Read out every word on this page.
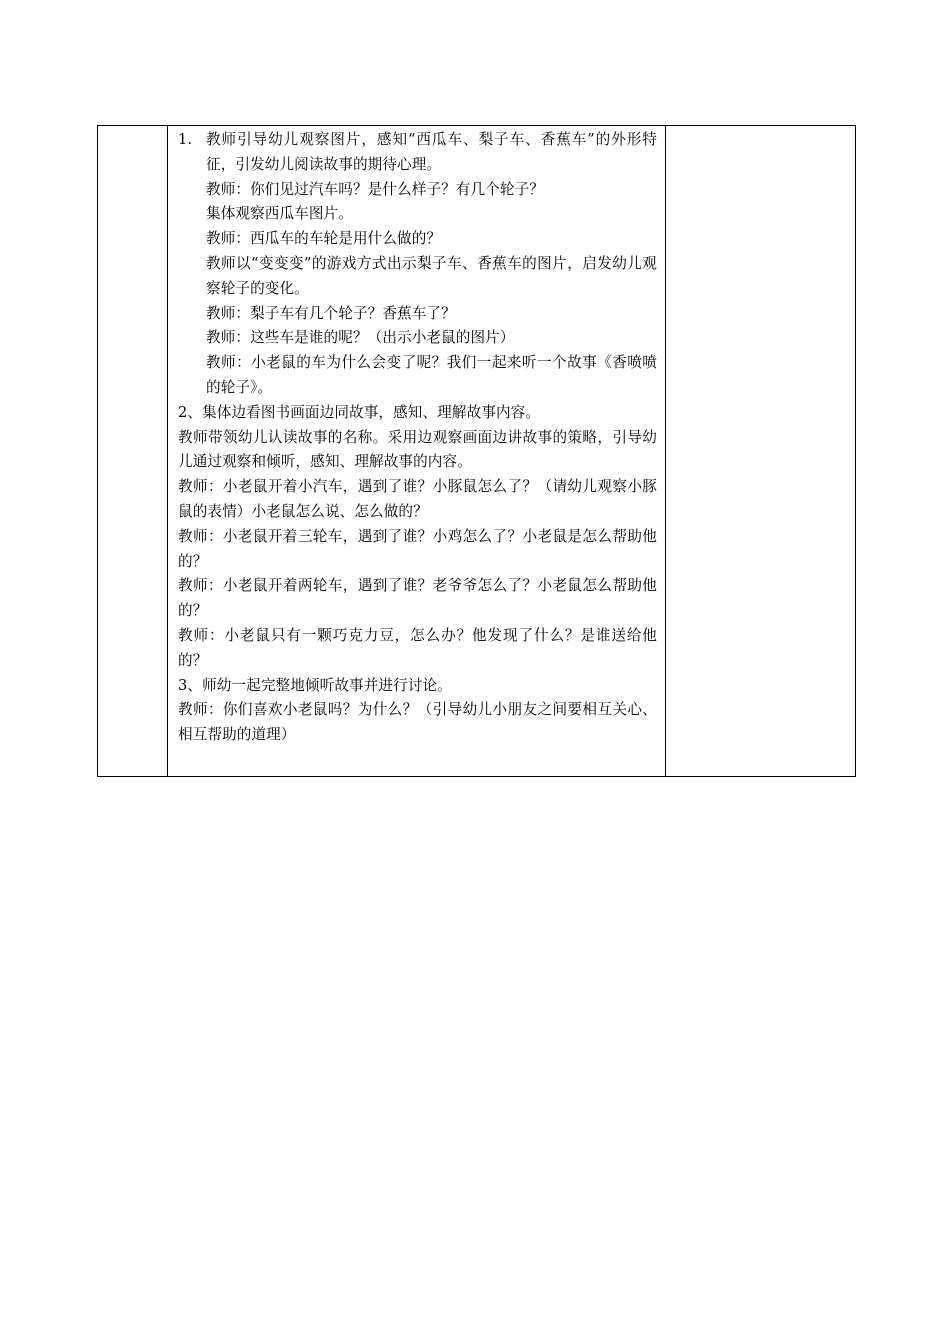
1. 教师引导幼儿观察图片，感知“西瓜车、梨子车、香蕉车”的外形特征，引发幼儿阅读故事的期待心理。
教师：你们见过汽车吗？是什么样子？有几个轮子？
集体观察西瓜车图片。
教师：西瓜车的车轮是用什么做的？
教师以“变变变”的游戏方式出示梨子车、香蕉车的图片，启发幼儿观察轮子的变化。
教师：梨子车有几个轮子？香蕉车了？
教师：这些车是谁的呢？（出示小老鼠的图片）
教师：小老鼠的车为什么会变了呢？我们一起来听一个故事《香喷喷的轮子》。
2、集体边看图书画面边同故事，感知、理解故事内容。
教师带领幼儿认读故事的名称。采用边观察画面边讲故事的策略，引导幼儿通过观察和倾听，感知、理解故事的内容。
教师：小老鼠开着小汽车，遇到了谁？小豚鼠怎么了？（请幼儿观察小豚鼠的表情）小老鼠怎么说、怎么做的？
教师：小老鼠开着三轮车，遇到了谁？小鸡怎么了？小老鼠是怎么帮助他的？
教师：小老鼠开着两轮车，遇到了谁？老爷爷怎么了？小老鼠怎么帮助他的？
教师：小老鼠只有一颗巧克力豆，怎么办？他发现了什么？是谁送给他的？
3、师幼一起完整地倾听故事并进行讨论。
教师：你们喜欢小老鼠吗？为什么？（引导幼儿小朋友之间要相互关心、相互帮助的道理）
